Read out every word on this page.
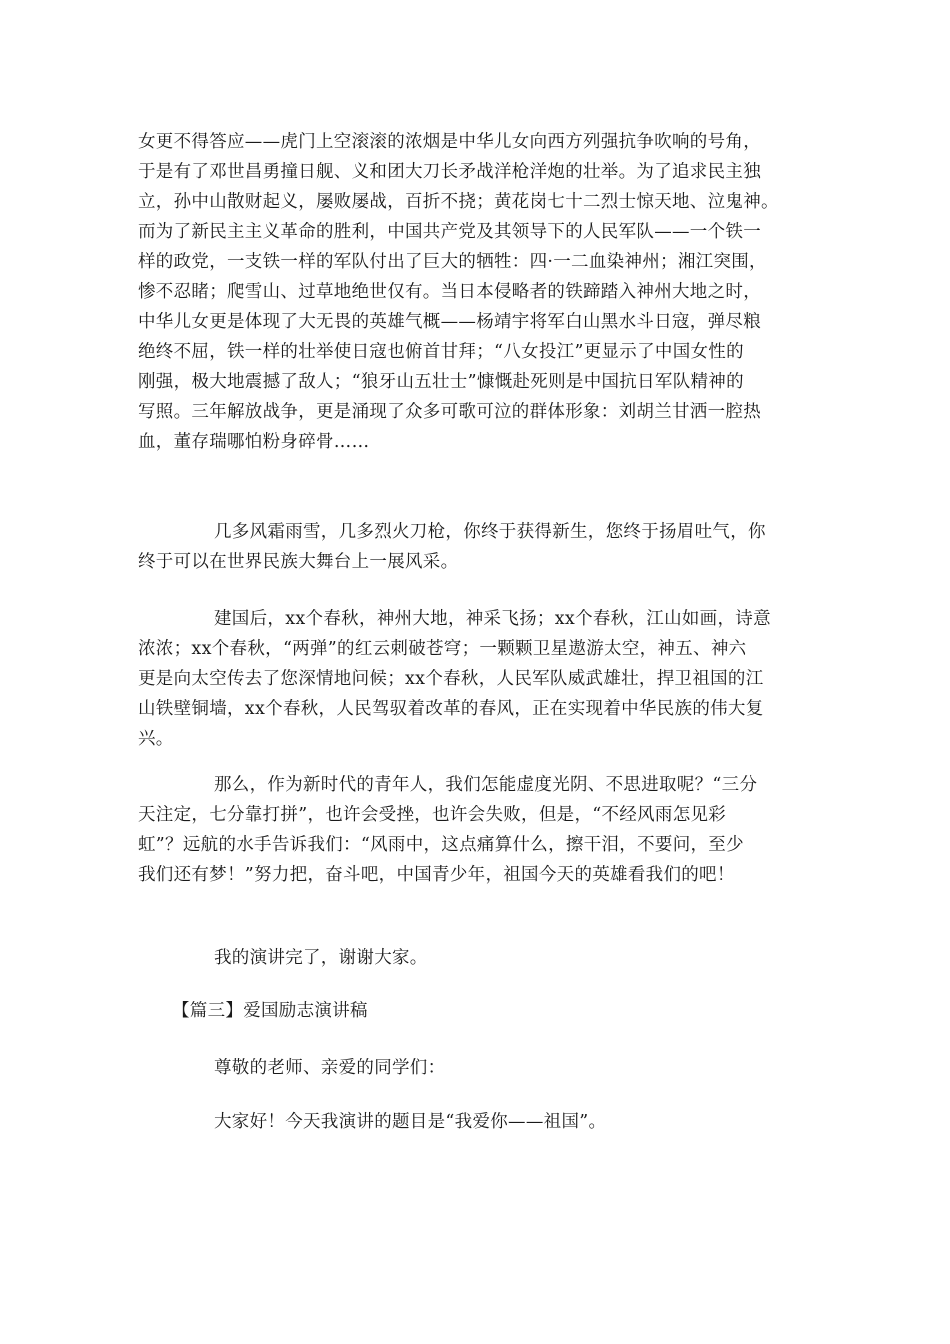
女更不得答应——虎门上空滚滚的浓烟是中华儿女向西方列强抗争吹响的号角，
于是有了邓世昌勇撞日舰、义和团大刀长矛战洋枪洋炮的壮举。为了追求民主独
立，孙中山散财起义，屡败屡战，百折不挠；黄花岗七十二烈士惊天地、泣鬼神。
而为了新民主主义革命的胜利，中国共产党及其领导下的人民军队——一个铁一
样的政党，一支铁一样的军队付出了巨大的牺牲：四·一二血染神州；湘江突围，
惨不忍睹；爬雪山、过草地绝世仅有。当日本侵略者的铁蹄踏入神州大地之时，
中华儿女更是体现了大无畏的英雄气概——杨靖宇将军白山黑水斗日寇，弹尽粮
绝终不屈，铁一样的壮举使日寇也俯首甘拜；“八女投江”更显示了中国女性的
刚强，极大地震撼了敌人；“狼牙山五壮士”慷慨赴死则是中国抗日军队精神的
写照。三年解放战争，更是涌现了众多可歌可泣的群体形象：刘胡兰甘洒一腔热
血，董存瑞哪怕粉身碎骨……
几多风霜雨雪，几多烈火刀枪，你终于获得新生，您终于扬眉吐气，你
终于可以在世界民族大舞台上一展风采。
建国后，xx个春秋，神州大地，神采飞扬；xx个春秋，江山如画，诗意
浓浓；xx个春秋，“两弹”的红云刺破苍穹；一颗颗卫星遨游太空，神五、神六
更是向太空传去了您深情地问候；xx个春秋，人民军队威武雄壮，捍卫祖国的江
山铁壁铜墙，xx个春秋，人民驾驭着改革的春风，正在实现着中华民族的伟大复
兴。
那么，作为新时代的青年人，我们怎能虚度光阴、不思进取呢？“三分
天注定，七分靠打拼”，也许会受挫，也许会失败，但是，“不经风雨怎见彩
虹”？远航的水手告诉我们：“风雨中，这点痛算什么，擦干泪，不要问，至少
我们还有梦！”努力把，奋斗吧，中国青少年，祖国今天的英雄看我们的吧！
我的演讲完了，谢谢大家。
【篇三】爱国励志演讲稿
尊敬的老师、亲爱的同学们：
大家好！今天我演讲的题目是“我爱你——祖国”。
